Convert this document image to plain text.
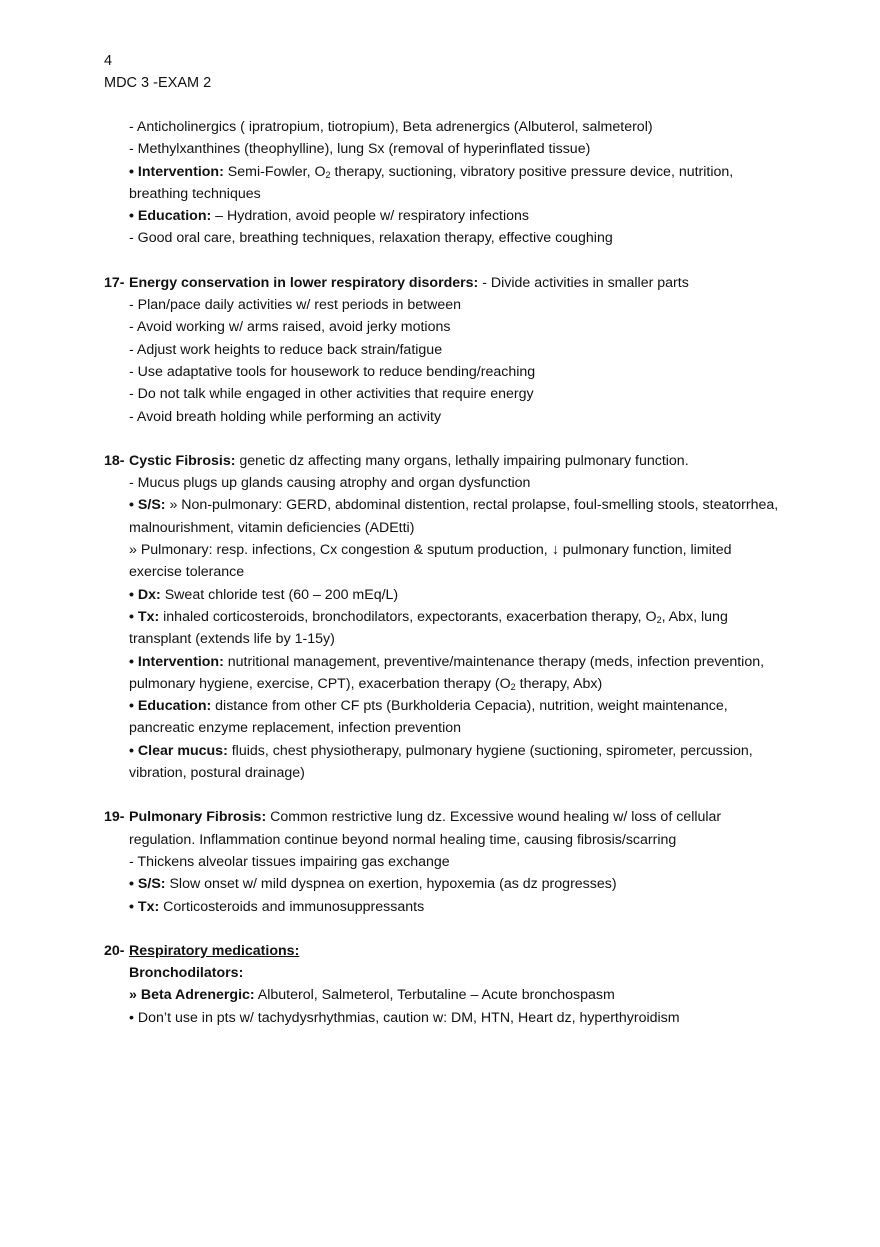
4
MDC 3 -EXAM 2
- Anticholinergics ( ipratropium, tiotropium), Beta adrenergics (Albuterol, salmeterol)
- Methylxanthines (theophylline), lung Sx (removal of hyperinflated tissue)
• Intervention: Semi-Fowler, $O_2$ therapy, suctioning, vibratory positive pressure device, nutrition, breathing techniques
• Education: – Hydration, avoid people w/ respiratory infections
- Good oral care, breathing techniques, relaxation therapy, effective coughing
17- Energy conservation in lower respiratory disorders: - Divide activities in smaller parts
- Plan/pace daily activities w/ rest periods in between
- Avoid working w/ arms raised, avoid jerky motions
- Adjust work heights to reduce back strain/fatigue
- Use adaptative tools for housework to reduce bending/reaching
- Do not talk while engaged in other activities that require energy
- Avoid breath holding while performing an activity
18- Cystic Fibrosis: genetic dz affecting many organs, lethally impairing pulmonary function.
- Mucus plugs up glands causing atrophy and organ dysfunction
• S/S: » Non-pulmonary: GERD, abdominal distention, rectal prolapse, foul-smelling stools, steatorrhea, malnourishment, vitamin deficiencies (ADEtti)
» Pulmonary: resp. infections, Cx congestion & sputum production, ↓ pulmonary function, limited exercise tolerance
• Dx: Sweat chloride test (60 – 200 mEq/L)
• Tx: inhaled corticosteroids, bronchodilators, expectorants, exacerbation therapy, $O_2$, Abx, lung transplant (extends life by 1-15y)
• Intervention: nutritional management, preventive/maintenance therapy (meds, infection prevention, pulmonary hygiene, exercise, CPT), exacerbation therapy ($O_2$ therapy, Abx)
• Education: distance from other CF pts (Burkholderia Cepacia), nutrition, weight maintenance, pancreatic enzyme replacement, infection prevention
• Clear mucus: fluids, chest physiotherapy, pulmonary hygiene (suctioning, spirometer, percussion, vibration, postural drainage)
19- Pulmonary Fibrosis: Common restrictive lung dz. Excessive wound healing w/ loss of cellular regulation. Inflammation continue beyond normal healing time, causing fibrosis/scarring
- Thickens alveolar tissues impairing gas exchange
• S/S: Slow onset w/ mild dyspnea on exertion, hypoxemia (as dz progresses)
• Tx: Corticosteroids and immunosuppressants
20- Respiratory medications:
Bronchodilators:
» Beta Adrenergic: Albuterol, Salmeterol, Terbutaline – Acute bronchospasm
• Don’t use in pts w/ tachydysrhythmias, caution w: DM, HTN, Heart dz, hyperthyroidism
